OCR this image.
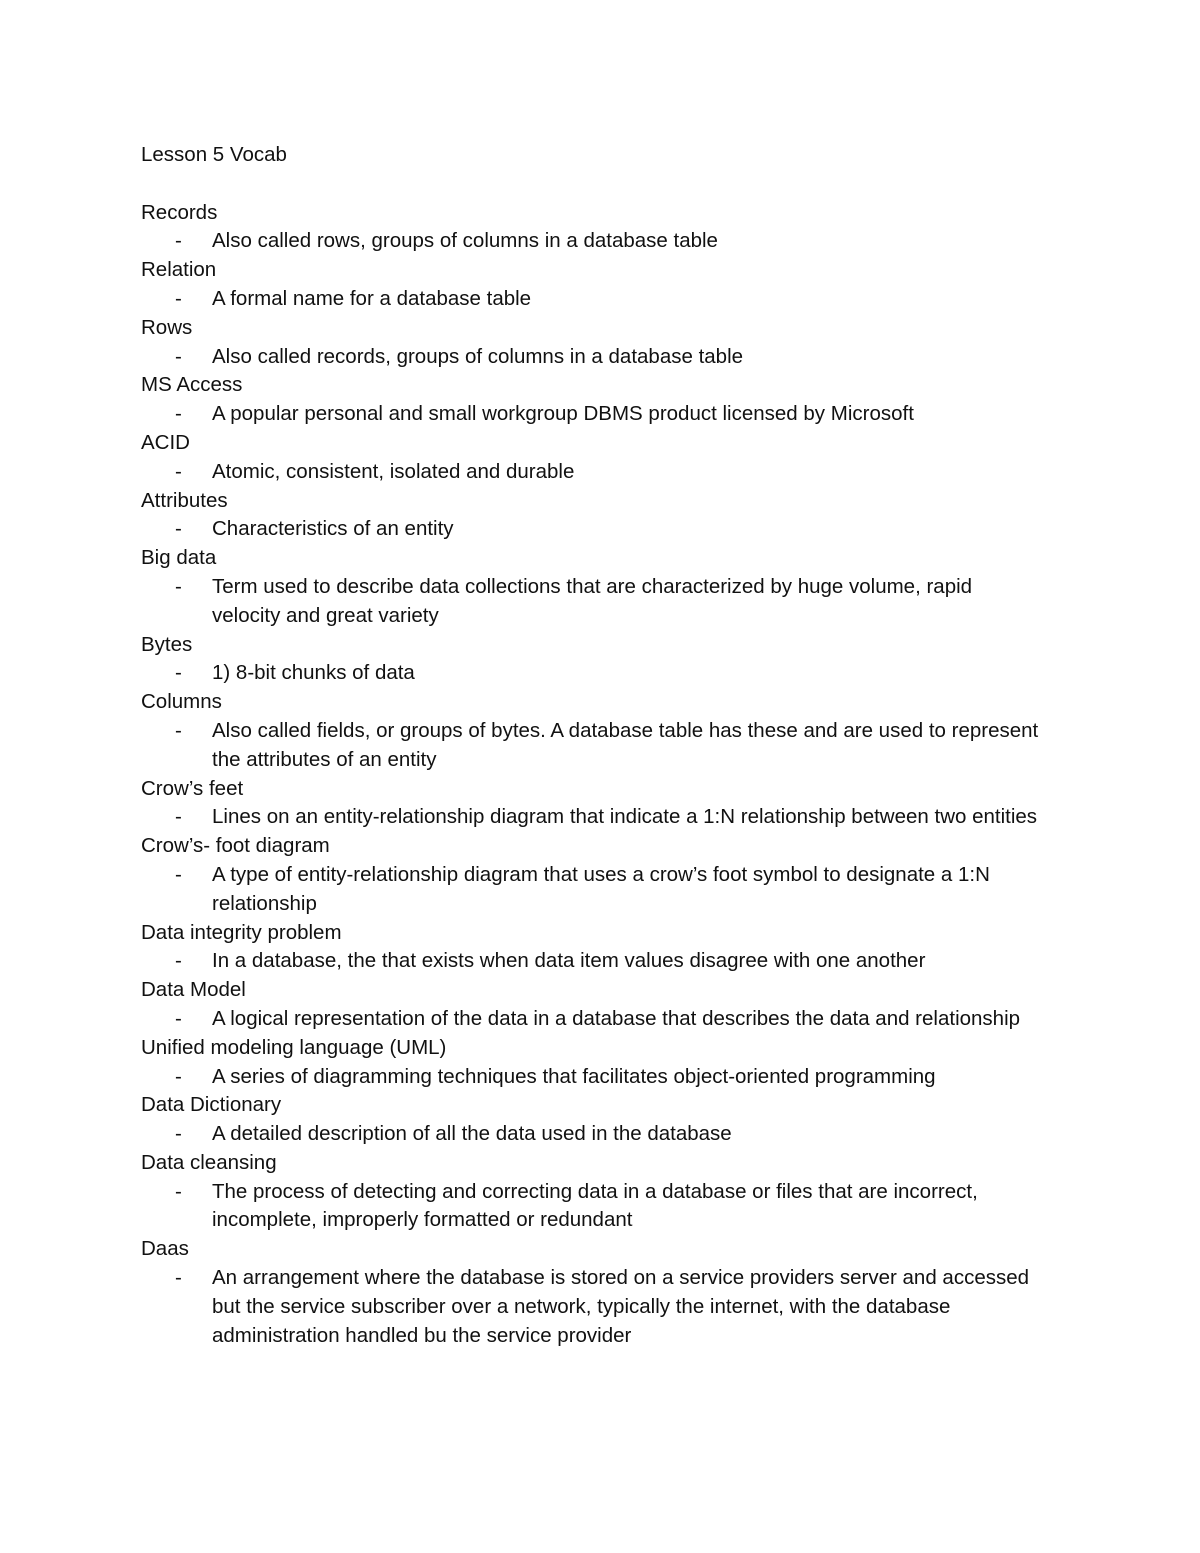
Lesson 5 Vocab
Records
- Also called rows, groups of columns in a database table
Relation
- A formal name for a database table
Rows
- Also called records, groups of columns in a database table
MS Access
- A popular personal and small workgroup DBMS product licensed by Microsoft
ACID
- Atomic, consistent, isolated and durable
Attributes
- Characteristics of an entity
Big data
- Term used to describe data collections that are characterized by huge volume, rapid velocity and great variety
Bytes
- 1) 8-bit chunks of data
Columns
- Also called fields, or groups of bytes. A database table has these and are used to represent the attributes of an entity
Crow’s feet
- Lines on an entity-relationship diagram that indicate a 1:N relationship between two entities
Crow’s- foot diagram
- A type of entity-relationship diagram that uses a crow’s foot symbol to designate a 1:N relationship
Data integrity problem
- In a database, the that exists when data item values disagree with one another
Data Model
- A logical representation of the data in a database that describes the data and relationship
Unified modeling language (UML)
- A series of diagramming techniques that facilitates object-oriented programming
Data Dictionary
- A detailed description of all the data used in the database
Data cleansing
- The process of detecting and correcting data in a database or files that are incorrect, incomplete, improperly formatted or redundant
Daas
- An arrangement where the database is stored on a service providers server and accessed but the service subscriber over a network, typically the internet, with the database administration handled bu the service provider
